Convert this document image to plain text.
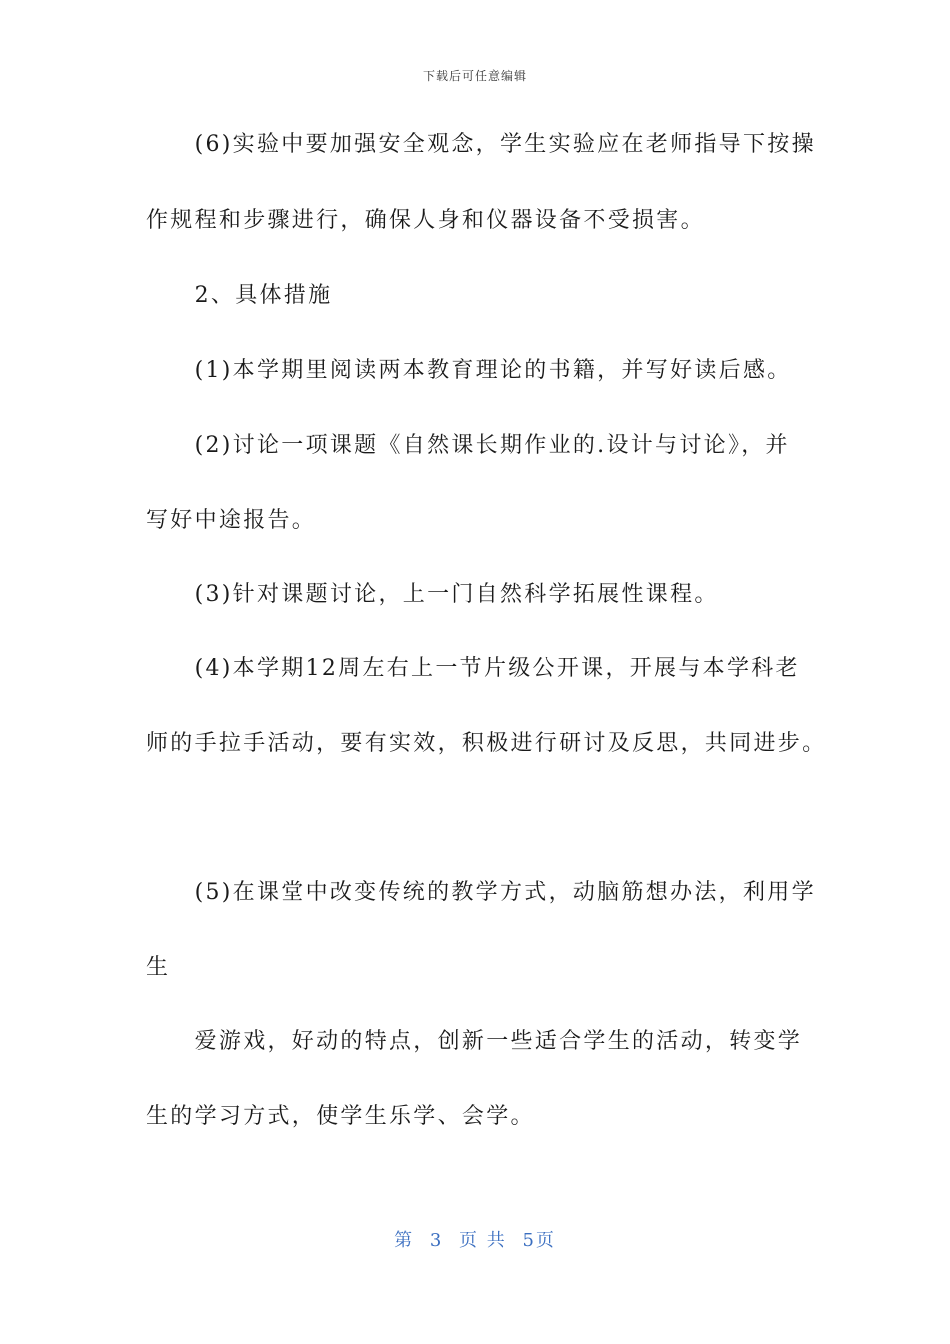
下载后可任意编辑
　　(6)实验中要加强安全观念，学生实验应在老师指导下按操
作规程和步骤进行，确保人身和仪器设备不受损害。
　　2、具体措施
　　(1)本学期里阅读两本教育理论的书籍，并写好读后感。
　　(2)讨论一项课题《自然课长期作业的.设计与讨论》，并
写好中途报告。
　　(3)针对课题讨论，上一门自然科学拓展性课程。
　　(4)本学期12周左右上一节片级公开课，开展与本学科老
师的手拉手活动，要有实效，积极进行研讨及反思，共同进步。
　　(5)在课堂中改变传统的教学方式，动脑筋想办法，利用学
生
　　爱游戏，好动的特点，创新一些适合学生的活动，转变学
生的学习方式，使学生乐学、会学。
第 3 页 共 5页
